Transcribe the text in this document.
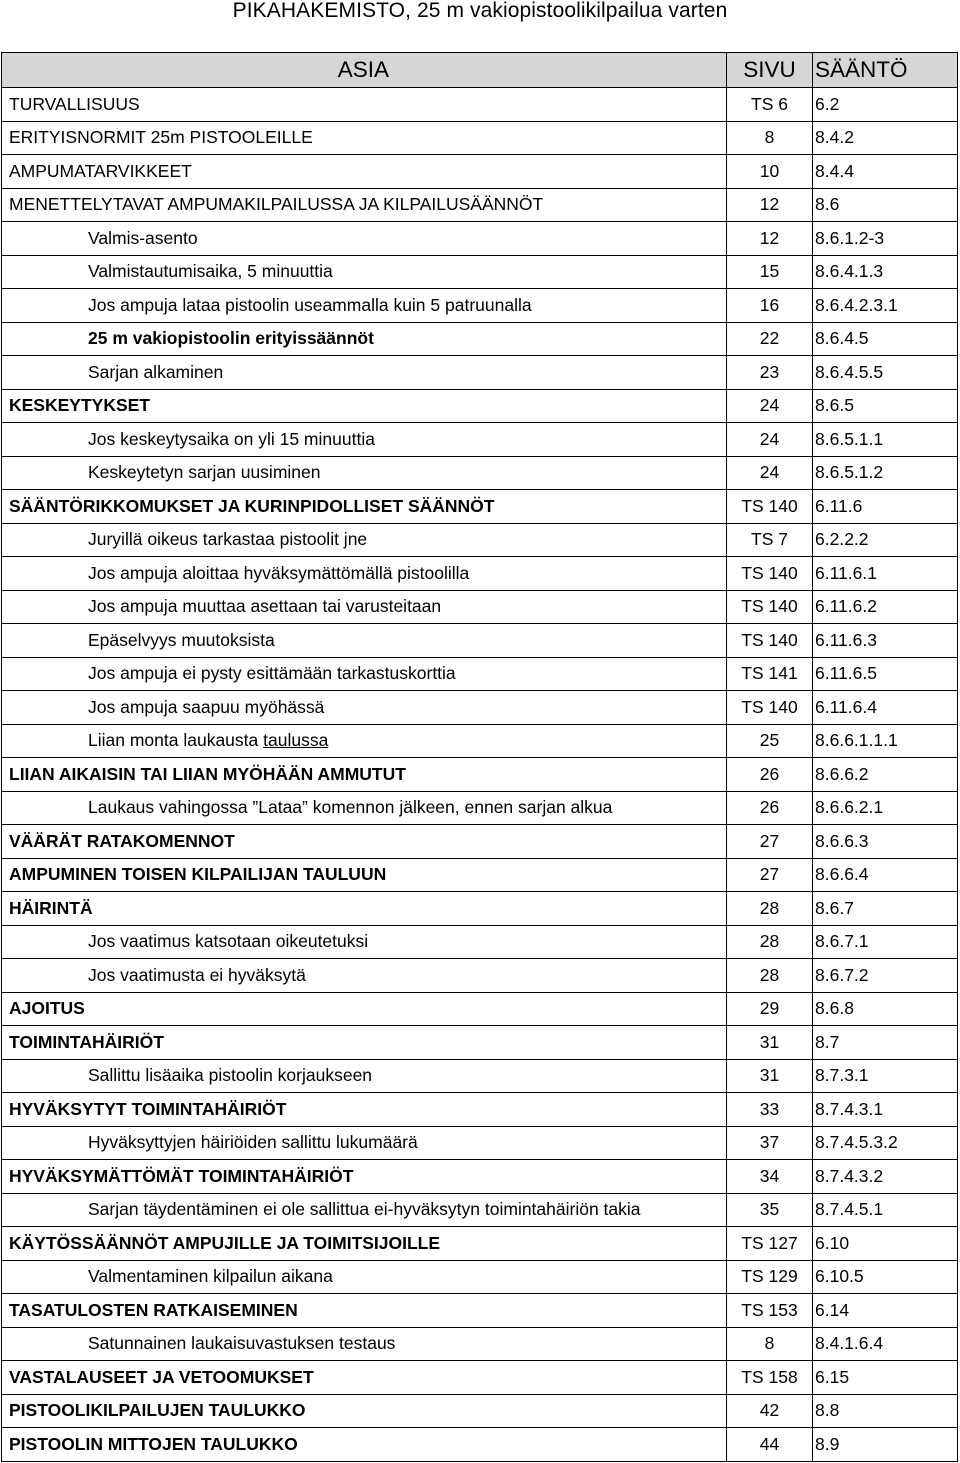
PIKAHAKEMISTO, 25 m vakiopistoolikilpailua varten
ASIA	SIVU	SÄÄNTÖ
TURVALLISUUS	TS 6	6.2
ERITYISNORMIT 25m PISTOOLEILLE	8	8.4.2
AMPUMATARVIKKEET	10	8.4.4
MENETTELYTAVAT AMPUMAKILPAILUSSA JA KILPAILUSÄÄNNÖT	12	8.6
Valmis-asento	12	8.6.1.2-3
Valmistautumisaika, 5 minuuttia	15	8.6.4.1.3
Jos ampuja lataa pistoolin useammalla kuin 5 patruunalla	16	8.6.4.2.3.1
25 m vakiopistoolin erityissäännöt	22	8.6.4.5
Sarjan alkaminen	23	8.6.4.5.5
KESKEYTYKSET	24	8.6.5
Jos keskeytysaika on yli 15 minuuttia	24	8.6.5.1.1
Keskeytetyn sarjan uusiminen	24	8.6.5.1.2
SÄÄNTÖRIKKOMUKSET JA KURINPIDOLLISET SÄÄNNÖT	TS 140	6.11.6
Juryillä oikeus tarkastaa pistoolit jne	TS 7	6.2.2.2
Jos ampuja aloittaa hyväksymättömällä pistoolilla	TS 140	6.11.6.1
Jos ampuja muuttaa asettaan tai varusteitaan	TS 140	6.11.6.2
Epäselvyys muutoksista	TS 140	6.11.6.3
Jos ampuja ei pysty esittämään tarkastuskorttia	TS 141	6.11.6.5
Jos ampuja saapuu myöhässä	TS 140	6.11.6.4
Liian monta laukausta taulussa	25	8.6.6.1.1.1
LIIAN AIKAISIN TAI LIIAN MYÖHÄÄN AMMUTUT	26	8.6.6.2
Laukaus vahingossa ”Lataa” komennon jälkeen, ennen sarjan alkua	26	8.6.6.2.1
VÄÄRÄT RATAKOMENNOT	27	8.6.6.3
AMPUMINEN TOISEN KILPAILIJAN TAULUUN	27	8.6.6.4
HÄIRINTÄ	28	8.6.7
Jos vaatimus katsotaan oikeutetuksi	28	8.6.7.1
Jos vaatimusta ei hyväksytä	28	8.6.7.2
AJOITUS	29	8.6.8
TOIMINTAHÄIRIÖT	31	8.7
Sallittu lisäaika pistoolin korjaukseen	31	8.7.3.1
HYVÄKSYTYT TOIMINTAHÄIRIÖT	33	8.7.4.3.1
Hyväksyttyjen häiriöiden sallittu lukumäärä	37	8.7.4.5.3.2
HYVÄKSYMÄTTÖMÄT TOIMINTAHÄIRIÖT	34	8.7.4.3.2
Sarjan täydentäminen ei ole sallittua ei-hyväksytyn toimintahäiriön takia	35	8.7.4.5.1
KÄYTÖSSÄÄNNÖT AMPUJILLE JA TOIMITSIJOILLE	TS 127	6.10
Valmentaminen kilpailun aikana	TS 129	6.10.5
TASATULOSTEN RATKAISEMINEN	TS 153	6.14
Satunnainen laukaisuvastuksen testaus	8	8.4.1.6.4
VASTALAUSEET JA VETOOMUKSET	TS 158	6.15
PISTOOLIKILPAILUJEN TAULUKKO	42	8.8
PISTOOLIN MITTOJEN TAULUKKO	44	8.9
